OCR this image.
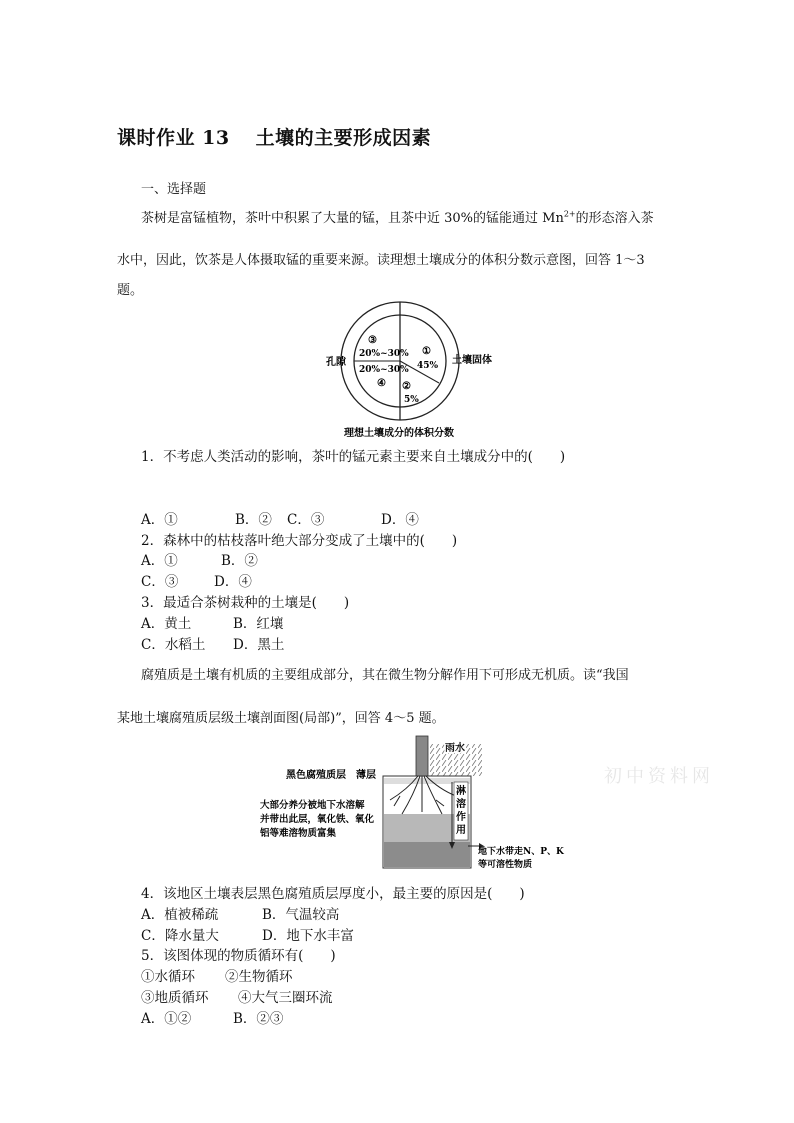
课时作业 13 土壤的主要形成因素
一、选择题
茶树是富锰植物，茶叶中积累了大量的锰，且茶中近 30%的锰能通过 $Mn^{2+}$的形态溶入茶
水中，因此，饮茶是人体摄取锰的重要来源。读理想土壤成分的体积分数示意图，回答 1～3
题。
③
20%~30%
20%~30%
④
①
45%
②
5%
孔隙	土壤固体
理想土壤成分的体积分数
1．不考虑人类活动的影响，茶叶的锰元素主要来自土壤成分中的(　　)
A．①	B．② C．③	D．④
2．森林中的枯枝落叶绝大部分变成了土壤中的(　　)
A．①	B．②
C．③	D．④
3．最适合茶树栽种的土壤是(　　)
A．黄土	B．红壤
C．水稻土 D．黑土
腐殖质是土壤有机质的主要组成部分，其在微生物分解作用下可形成无机质。读“我国
某地土壤腐殖质层级土壤剖面图(局部)”，回答 4～5 题。
雨水
淋
溶
作
用
黑色腐殖质层　薄层
大部分养分被地下水溶解
并带出此层，氧化铁、氧化
铝等难溶物质富集
地下水带走N、P、K
等可溶性物质
初中资料网
4．该地区土壤表层黑色腐殖质层厚度小，最主要的原因是(　　)
A．植被稀疏	B．气温较高
C．降水量大	D．地下水丰富
5．该图体现的物质循环有(　　)
①水循环 ②生物循环
③地质循环 ④大气三圈环流
A．①②	B．②③
